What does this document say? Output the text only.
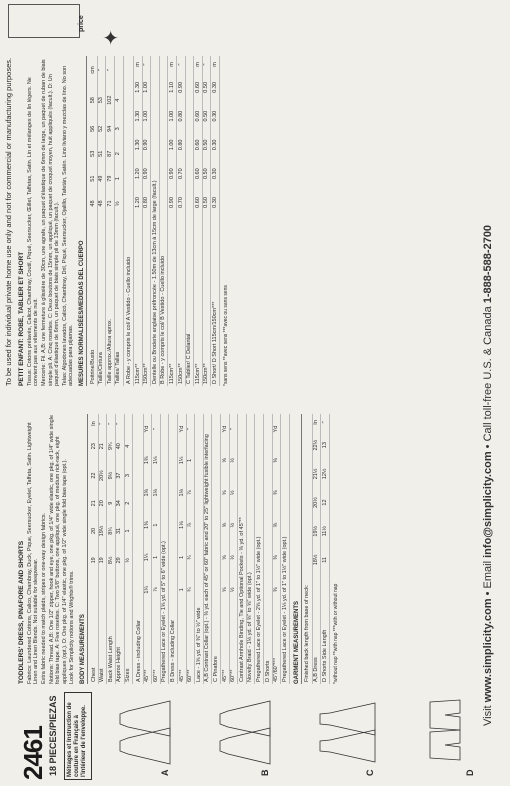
2461 18 PIECES/PIEZAS	Métrages et Instruction de couture en Français à l'intérieur de l'enveloppe.	A	B	C	D
TODDLERS' DRESS, PINAFORE AND SHORTS Fabrics: Laundered Cottons, Calico, Chambray, Duck, Pique, Seersucker, Eyelet, Taffeta, Satin. Lightweight Linen and Linen Blends. Not suitable for sleepwear. Extra fabric needed to match plaids, stripes or one-way design fabrics. Notions: Thread. A,B: One 1/2" zipper, hook and eye, one pkg. of 1/4" wide elastic, one pkg. of 1/4" wide single fold bias tape. A: Five rosettes. C: Two 5/8" buttons, one appliqué, one pkg. of medium rick-rack, eight appliques (opt.). D: One pkg. of 1/4" elastic, one pkg. of 1/2" wide single fold bias tape (opt.). Look for Simplicity notions and Wrights® trims. BODY MEASUREMENTS Chest	19	20	21	22	23	In
Waist	19	19½	20	20½	21	"
Back Waist Length	8½	8¾	9	9½	9¾	"
Approx Height	29	31	34	37	40	"
Sizes	½	1	2	3	4	
A Dress - including Collar						
45"**	1¼	1¼	1⅜	1⅜	1⅜	Yd
60"**	⅞	1	1	1⅛	1⅛	"
Pregathered Lace or Eyelet - 1⅝ yd. of 5" to 6" wide (opt.)						
B Dress - including Collar						
45"**	1	1	1⅛	1⅛	1¼	Yd
60"**	¾	¾	⅞	⅞	1	"
Lace - 1⅝ yd. of ⅜" to ½" wide						
A,B Contrast Collar (opt.) - ⅜ yd. each of 45" or 60" fabric and 20" to 25" lightweight fusible interfacing						
C Pinafore						
45"**	⅝	⅝	⅝	⅝	⅝	Yd
60"**	½	½	½	½	½	"
Contrast Armhole Binding, Tie and Optional Pockets - ⅜ yd. of 45"**						
Novelty Braid - 1⅛ yd. of ⅜" to ⅝" wide (opt.)						
Pregathered Lace or Eyelet - 2⅝ yd. of 1" to 1½" wide (opt.)						
D Shorts						
45"/60"***	⅜	⅜	⅜	⅜	⅜	Yd
Pregathered Lace or Eyelet - 1⅛ yd. of 1" to 1½" wide (opt.)						GARMENT MEASUREMENTS Finished back length from base of neck:						
A,B Dress	18½	19½	20½	21½	22½	In
D Shorts Side Length	11	11½	12	12½	13	"
*without nap **with nap ***with or without nap
PETIT ENFANT: ROBE, TABLIER ET SHORT Tissus: Cotons prélavés, Calicot, Chambray, Coutil, Piqué, Seersucker, Œillet, Taffetas, Satin. Lin et mélanges de lin légers. Ne convient pas aux vêtements de nuit. Mercerie: Fil. A,B: une fermeture à glissière de 30cm, une agrafe, un paquet d'élastique de 6mm de large, un paquet de ruban de biais simple pli. A: Cinq rosettes. C: Deux boutons de 15mm, un appliqué, un paquet de croquet moyen, huit appliqués (facult.). D: Un paquet d'élastique de 6mm, un paquet de biais simple pli de 13mm (facult.). Telas: Algodones lavados, Calicó, Chambray, Dril, Piqué, Seersucker, Ojalillo, Tafetán, Satén. Lino liviano y mezclas de lino. No son adecuadas para pijamas. MESURES NORMALISÉES/MEDIDAS DEL CUERPO Poitrine/Busto	48	51	53	56	58	cm
Taille/Cintura	48	49	51	52	53	"
Taille approx./Altura aprox.	71	79	87	94	102	"
Tailles/ Tallas	½	1	2	3	4	
A Robe - y compris le col/ A Vestido - Cuello incluido						
115cm**	1.20	1.20	1.30	1.30	1.30	m
150cm**	0.80	0.90	0.90	1.00	1.00	"
Dentelle ou Broderie anglaise préfroncée - 1.50m de 13cm à 15cm de large (facult.)						
B Robe - y compris le col/ B Vestido - Cuello incluido						
115cm**	0.90	0.90	1.00	1.00	1.10	m
150cm**	0.70	0.70	0.80	0.80	0.90	"
C Tablier/ C Delantal						
115cm**	0.60	0.60	0.60	0.60	0.60	m
150cm**	0.50	0.50	0.50	0.50	0.50	"
D Short/ D Short 115cm/150cm***	0.30	0.30	0.30	0.30	0.30	m
*sans sens **avec sens ***avec ou sans sens
To be used for individual private home use only and not for commercial or manufacturing purposes.
price
✦
Visit www.simplicity.com • Email info@simplicity.com • Call toll-free U.S. & Canada 1-888-588-2700
